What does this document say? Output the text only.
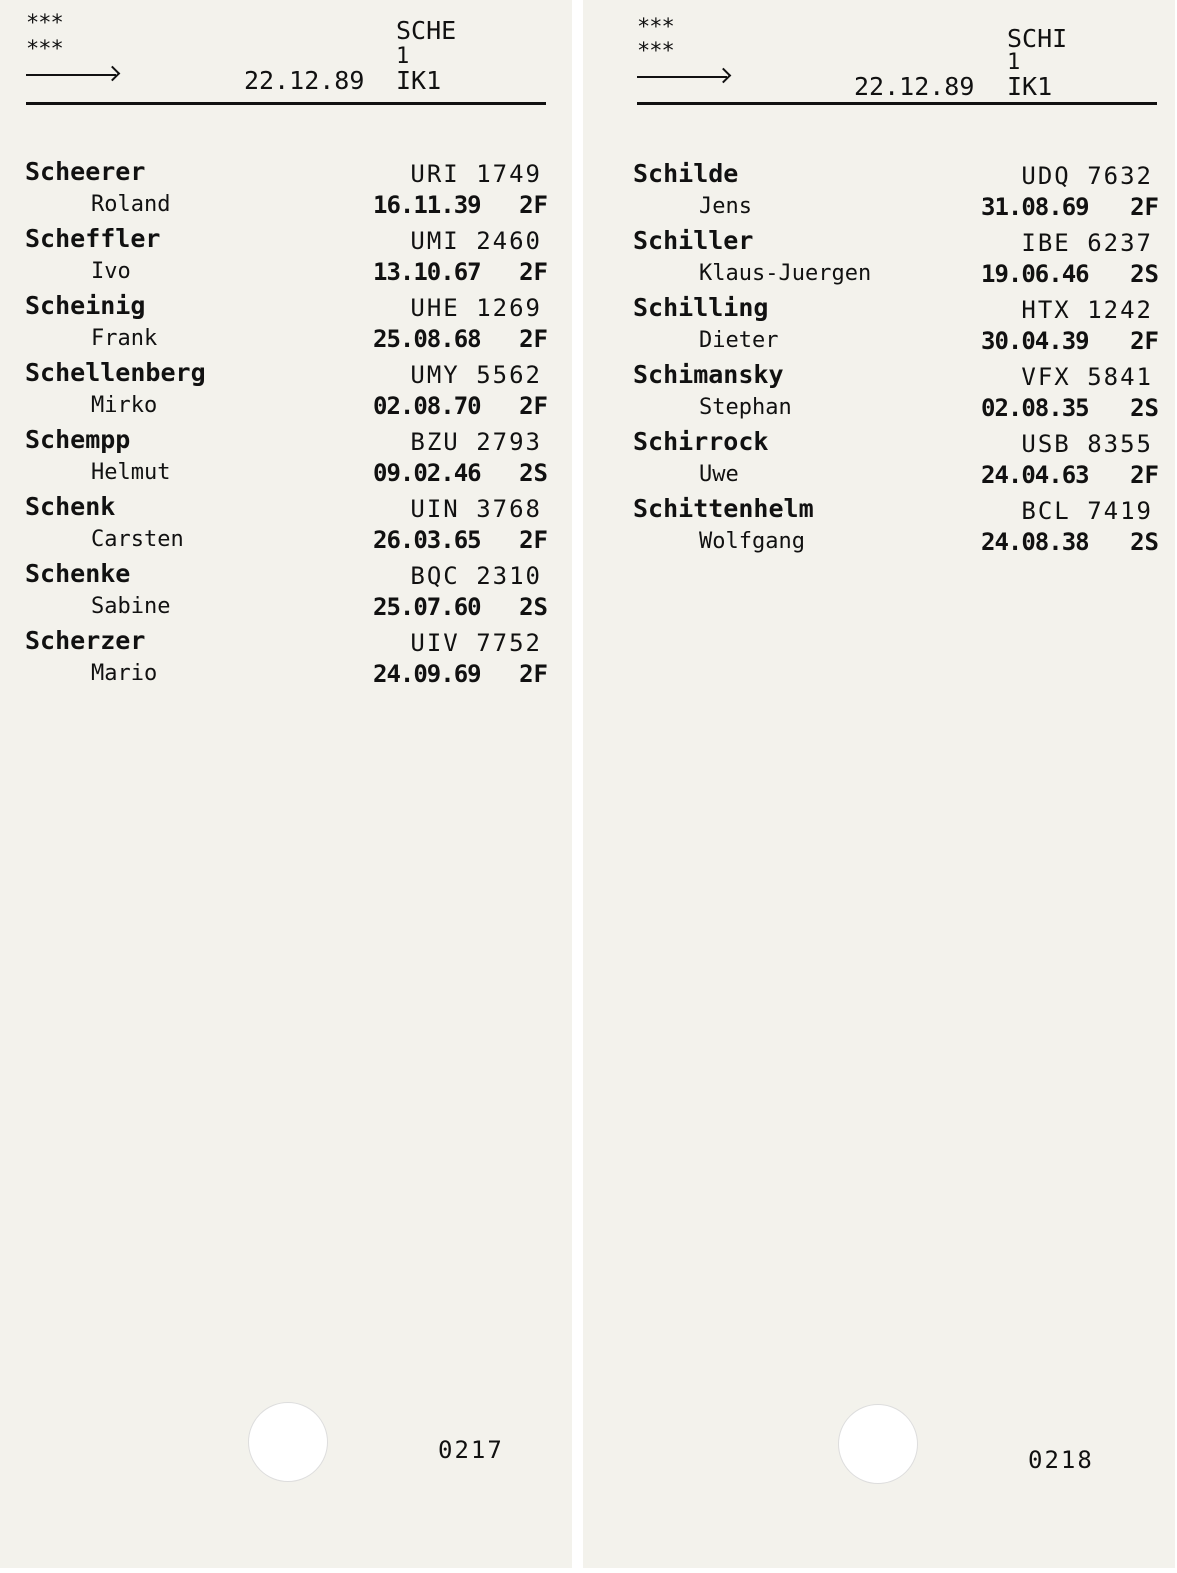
***
***
SCHE
1
22.12.89 IK1
Scheerer	URI 1749
Roland	16.11.39 2F
Scheffler	UMI 2460
Ivo	13.10.67 2F
Scheinig	UHE 1269
Frank	25.08.68 2F
Schellenberg	UMY 5562
Mirko	02.08.70 2F
Schempp	BZU 2793
Helmut	09.02.46 2S
Schenk	UIN 3768
Carsten	26.03.65 2F
Schenke	BQC 2310
Sabine	25.07.60 2S
Scherzer	UIV 7752
Mario	24.09.69 2F
0217
***
***	SCHI
1
22.12.89 IK1
Schilde	UDQ 7632
Jens	31.08.69 2F
Schiller	IBE 6237
Klaus-Juergen	19.06.46 2S
Schilling	HTX 1242
Dieter	30.04.39 2F
Schimansky	VFX 5841
Stephan	02.08.35 2S
Schirrock	USB 8355
Uwe	24.04.63 2F
Schittenhelm	BCL 7419
Wolfgang	24.08.38 2S
0218
